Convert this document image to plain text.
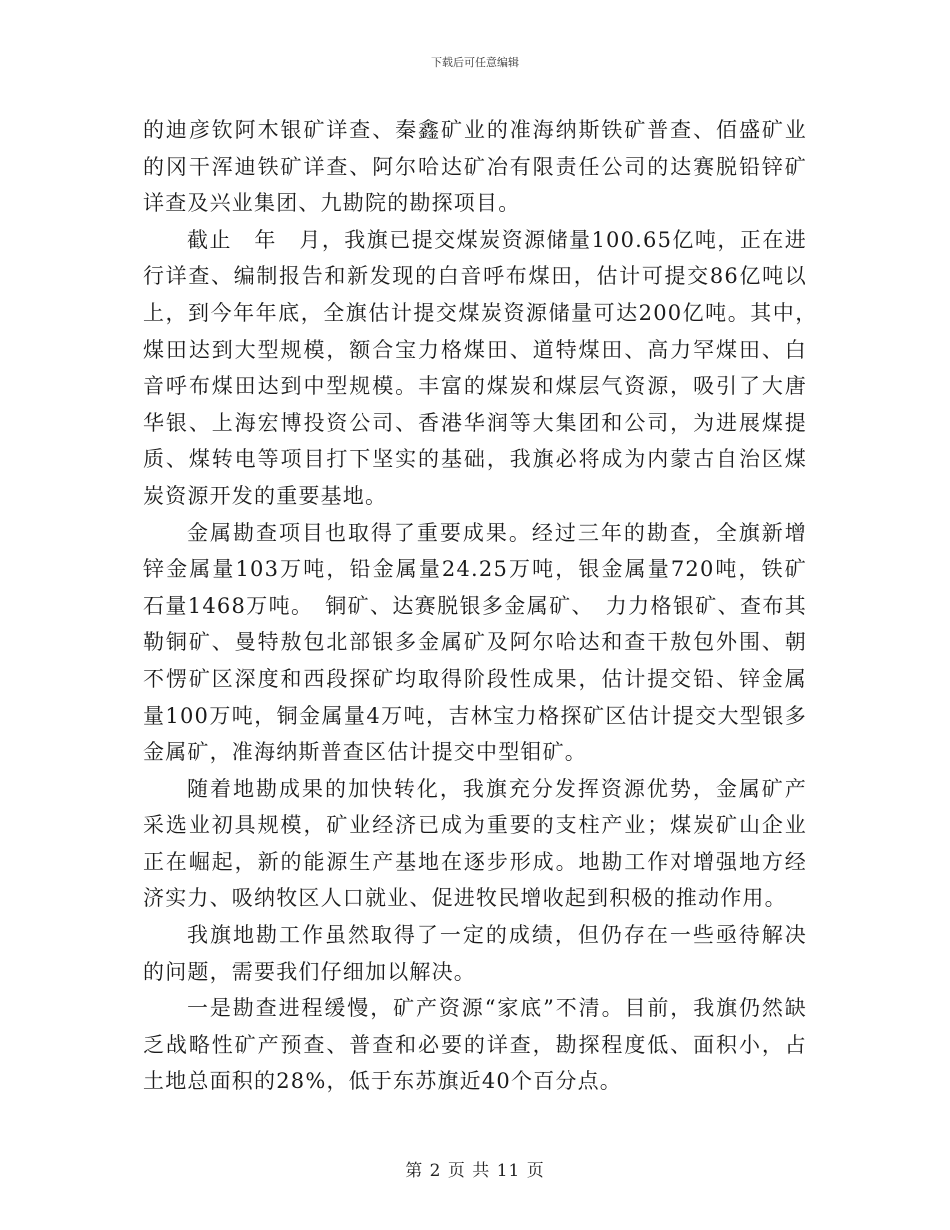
下载后可任意编辑

的迪彦钦阿木银矿详查、秦鑫矿业的准海纳斯铁矿普查、佰盛矿业的冈干浑迪铁矿详查、阿尔哈达矿冶有限责任公司的达赛脱铅锌矿详查及兴业集团、九勘院的勘探项目。

截止　年　月，我旗已提交煤炭资源储量100.65亿吨，正在进行详查、编制报告和新发现的白音呼布煤田，估计可提交86亿吨以上，到今年年底，全旗估计提交煤炭资源储量可达200亿吨。其中，　煤田达到大型规模，额合宝力格煤田、道特煤田、高力罕煤田、白音呼布煤田达到中型规模。丰富的煤炭和煤层气资源，吸引了大唐华银、上海宏博投资公司、香港华润等大集团和公司，为进展煤提质、煤转电等项目打下坚实的基础，我旗必将成为内蒙古自治区煤炭资源开发的重要基地。

金属勘查项目也取得了重要成果。经过三年的勘查，全旗新增锌金属量103万吨，铅金属量24.25万吨，银金属量720吨，铁矿石量1468万吨。　铜矿、达赛脱银多金属矿、　力力格银矿、查布其勒铜矿、曼特敖包北部银多金属矿及阿尔哈达和查干敖包外围、朝不愣矿区深度和西段探矿均取得阶段性成果，估计提交铅、锌金属量100万吨，铜金属量4万吨，吉林宝力格探矿区估计提交大型银多金属矿，准海纳斯普查区估计提交中型钼矿。

随着地勘成果的加快转化，我旗充分发挥资源优势，金属矿产采选业初具规模，矿业经济已成为重要的支柱产业；煤炭矿山企业正在崛起，新的能源生产基地在逐步形成。地勘工作对增强地方经济实力、吸纳牧区人口就业、促进牧民增收起到积极的推动作用。

我旗地勘工作虽然取得了一定的成绩，但仍存在一些亟待解决的问题，需要我们仔细加以解决。

一是勘查进程缓慢，矿产资源“家底”不清。目前，我旗仍然缺乏战略性矿产预查、普查和必要的详查，勘探程度低、面积小，占土地总面积的28%，低于东苏旗近40个百分点。

第 2 页 共 11 页
